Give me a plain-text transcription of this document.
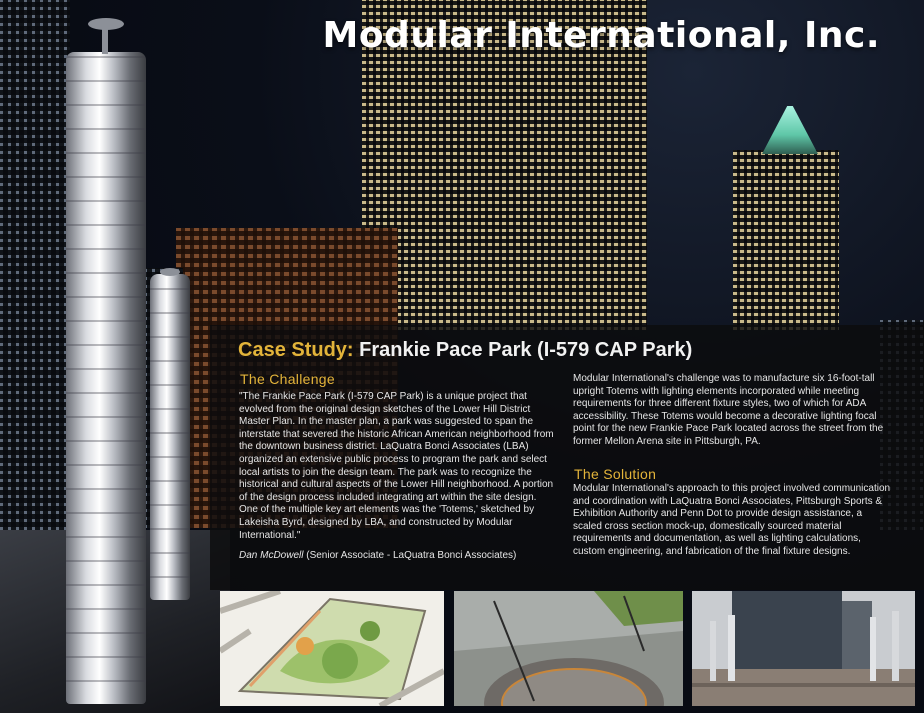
Modular International, Inc.
Case Study: Frankie Pace Park (I-579 CAP Park)
The Challenge

"The Frankie Pace Park (I-579 CAP Park) is a unique project that evolved from the original design sketches of the Lower Hill District Master Plan. In the master plan, a park was suggested to span the interstate that severed the historic African American neighborhood from the downtown business district. LaQuatra Bonci Associates (LBA) organized an extensive public process to program the park and select local artists to join the design team. The park was to recognize the historical and cultural aspects of the Lower Hill neighborhood. A portion of the design process included integrating art within the site design. One of the multiple key art elements was the 'Totems,' sketched by Lakeisha Byrd, designed by LBA, and constructed by Modular International."

Dan McDowell (Senior Associate - LaQuatra Bonci Associates)

Modular International's challenge was to manufacture six 16-foot-tall upright Totems with lighting elements incorporated while meeting requirements for three different fixture styles, two of which for ADA accessibility. These Totems would become a decorative lighting focal point for the new Frankie Pace Park located across the street from the former Mellon Arena site in Pittsburgh, PA.

The Solution

Modular International's approach to this project involved communication and coordination with LaQuatra Bonci Associates, Pittsburgh Sports & Exhibition Authority and Penn Dot to provide design assistance, a scaled cross section mock-up, domestically sourced material requirements and documentation, as well as lighting calculations, custom engineering, and fabrication of the final fixture designs.
